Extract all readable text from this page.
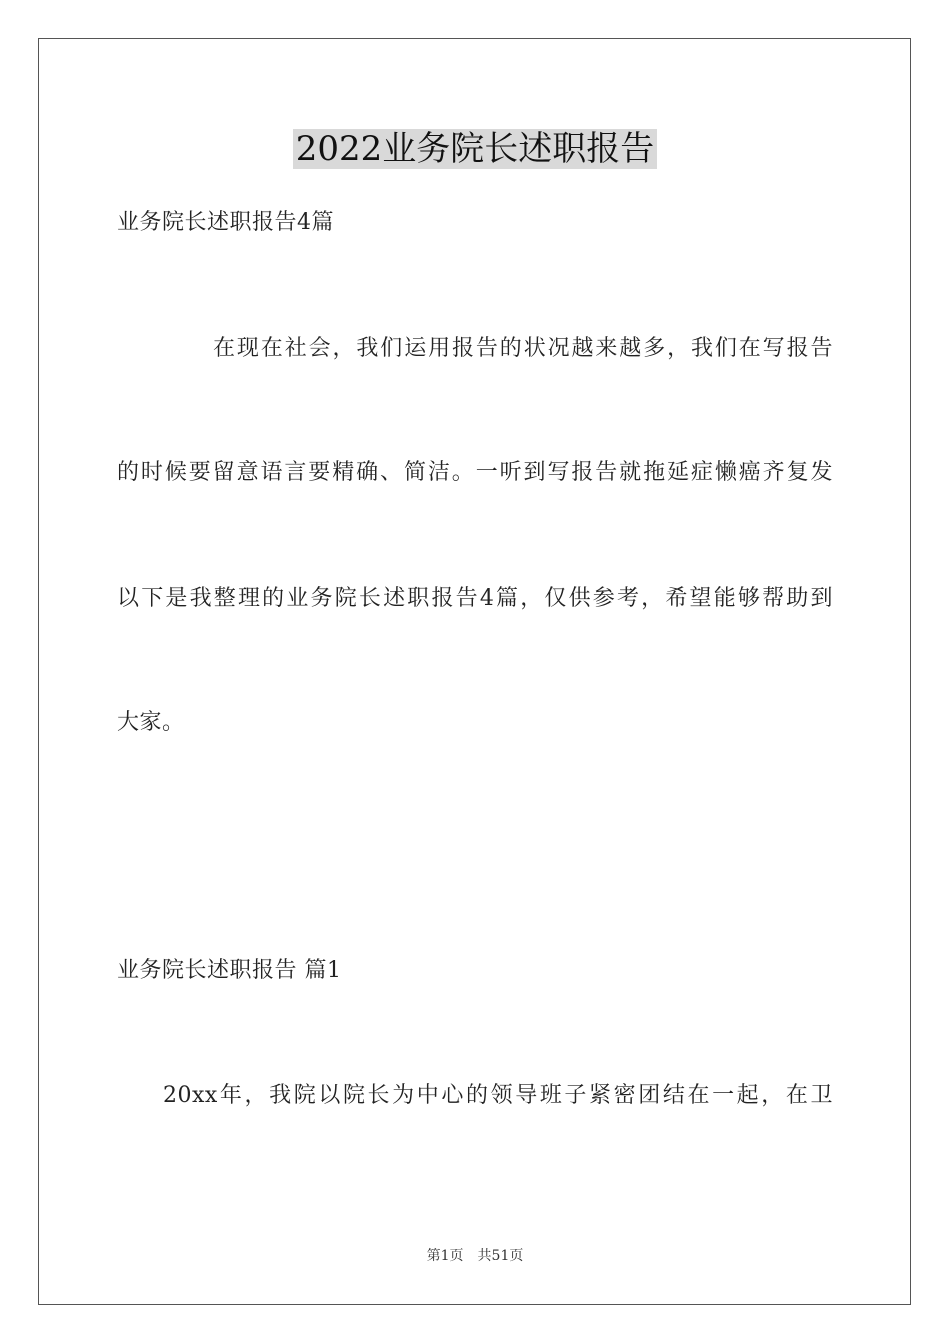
2022业务院长述职报告
业务院长述职报告4篇
在现在社会，我们运用报告的状况越来越多，我们在写报告
的时候要留意语言要精确、简洁。一听到写报告就拖延症懒癌齐复发
以下是我整理的业务院长述职报告4篇，仅供参考，希望能够帮助到
大家。
业务院长述职报告 篇1
20xx年，我院以院长为中心的领导班子紧密团结在一起，在卫
第1页　共51页
